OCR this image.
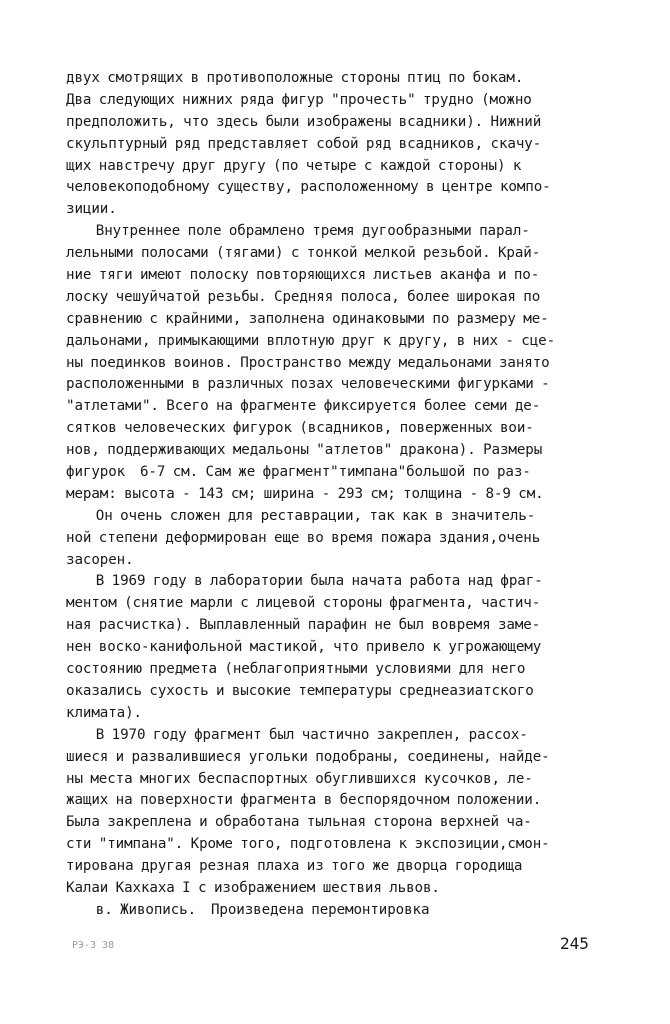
двух смотрящих в противоположные стороны птиц по бокам.
Два следующих нижних ряда фигур "прочесть" трудно (можно
предположить, что здесь были изображены всадники). Нижний
скульптурный ряд представляет собой ряд всадников, скачу-
щих навстречу друг другу (по четыре с каждой стороны) к
человекоподобному существу, расположенному в центре компо-
зиции.
Внутреннее поле обрамлено тремя дугообразными парал-
лельными полосами (тягами) с тонкой мелкой резьбой. Край-
ние тяги имеют полоску повторяющихся листьев аканфа и по-
лоску чешуйчатой резьбы. Средняя полоса, более широкая по
сравнению с крайними, заполнена одинаковыми по размеру ме-
дальонами, примыкающими вплотную друг к другу, в них - сце-
ны поединков воинов. Пространство между медальонами занято
расположенными в различных позах человеческими фигурками -
"атлетами". Всего на фрагменте фиксируется более семи де-
сятков человеческих фигурок (всадников, поверженных вои-
нов, поддерживающих медальоны "атлетов" дракона). Размеры
фигурок  6-7 см. Сам же фрагмент"тимпана"большой по раз-
мерам: высота - 143 см; ширина - 293 см; толщина - 8-9 см.
Он очень сложен для реставрации, так как в значитель-
ной степени деформирован еще во время пожара здания,очень
засорен.
В 1969 году в лаборатории была начата работа над фраг-
ментом (снятие марли с лицевой стороны фрагмента, частич-
ная расчистка). Выплавленный парафин не был вовремя заме-
нен воско-канифольной мастикой, что привело к угрожающему
состоянию предмета (неблагоприятными условиями для него
оказались сухость и высокие температуры среднеазиатского
климата).
В 1970 году фрагмент был частично закреплен, рассох-
шиеся и развалившиеся угольки подобраны, соединены, найде-
ны места многих беспаспортных обуглившихся кусочков, ле-
жащих на поверхности фрагмента в беспорядочном положении.
Была закреплена и обработана тыльная сторона верхней ча-
сти "тимпана". Кроме того, подготовлена к экспозиции,смон-
тирована другая резная плаха из того же дворца городища
Калаи Кахкаха I с изображением шествия львов.
в. Живопись.  Произведена перемонтировка
РЭ-3 38	245
